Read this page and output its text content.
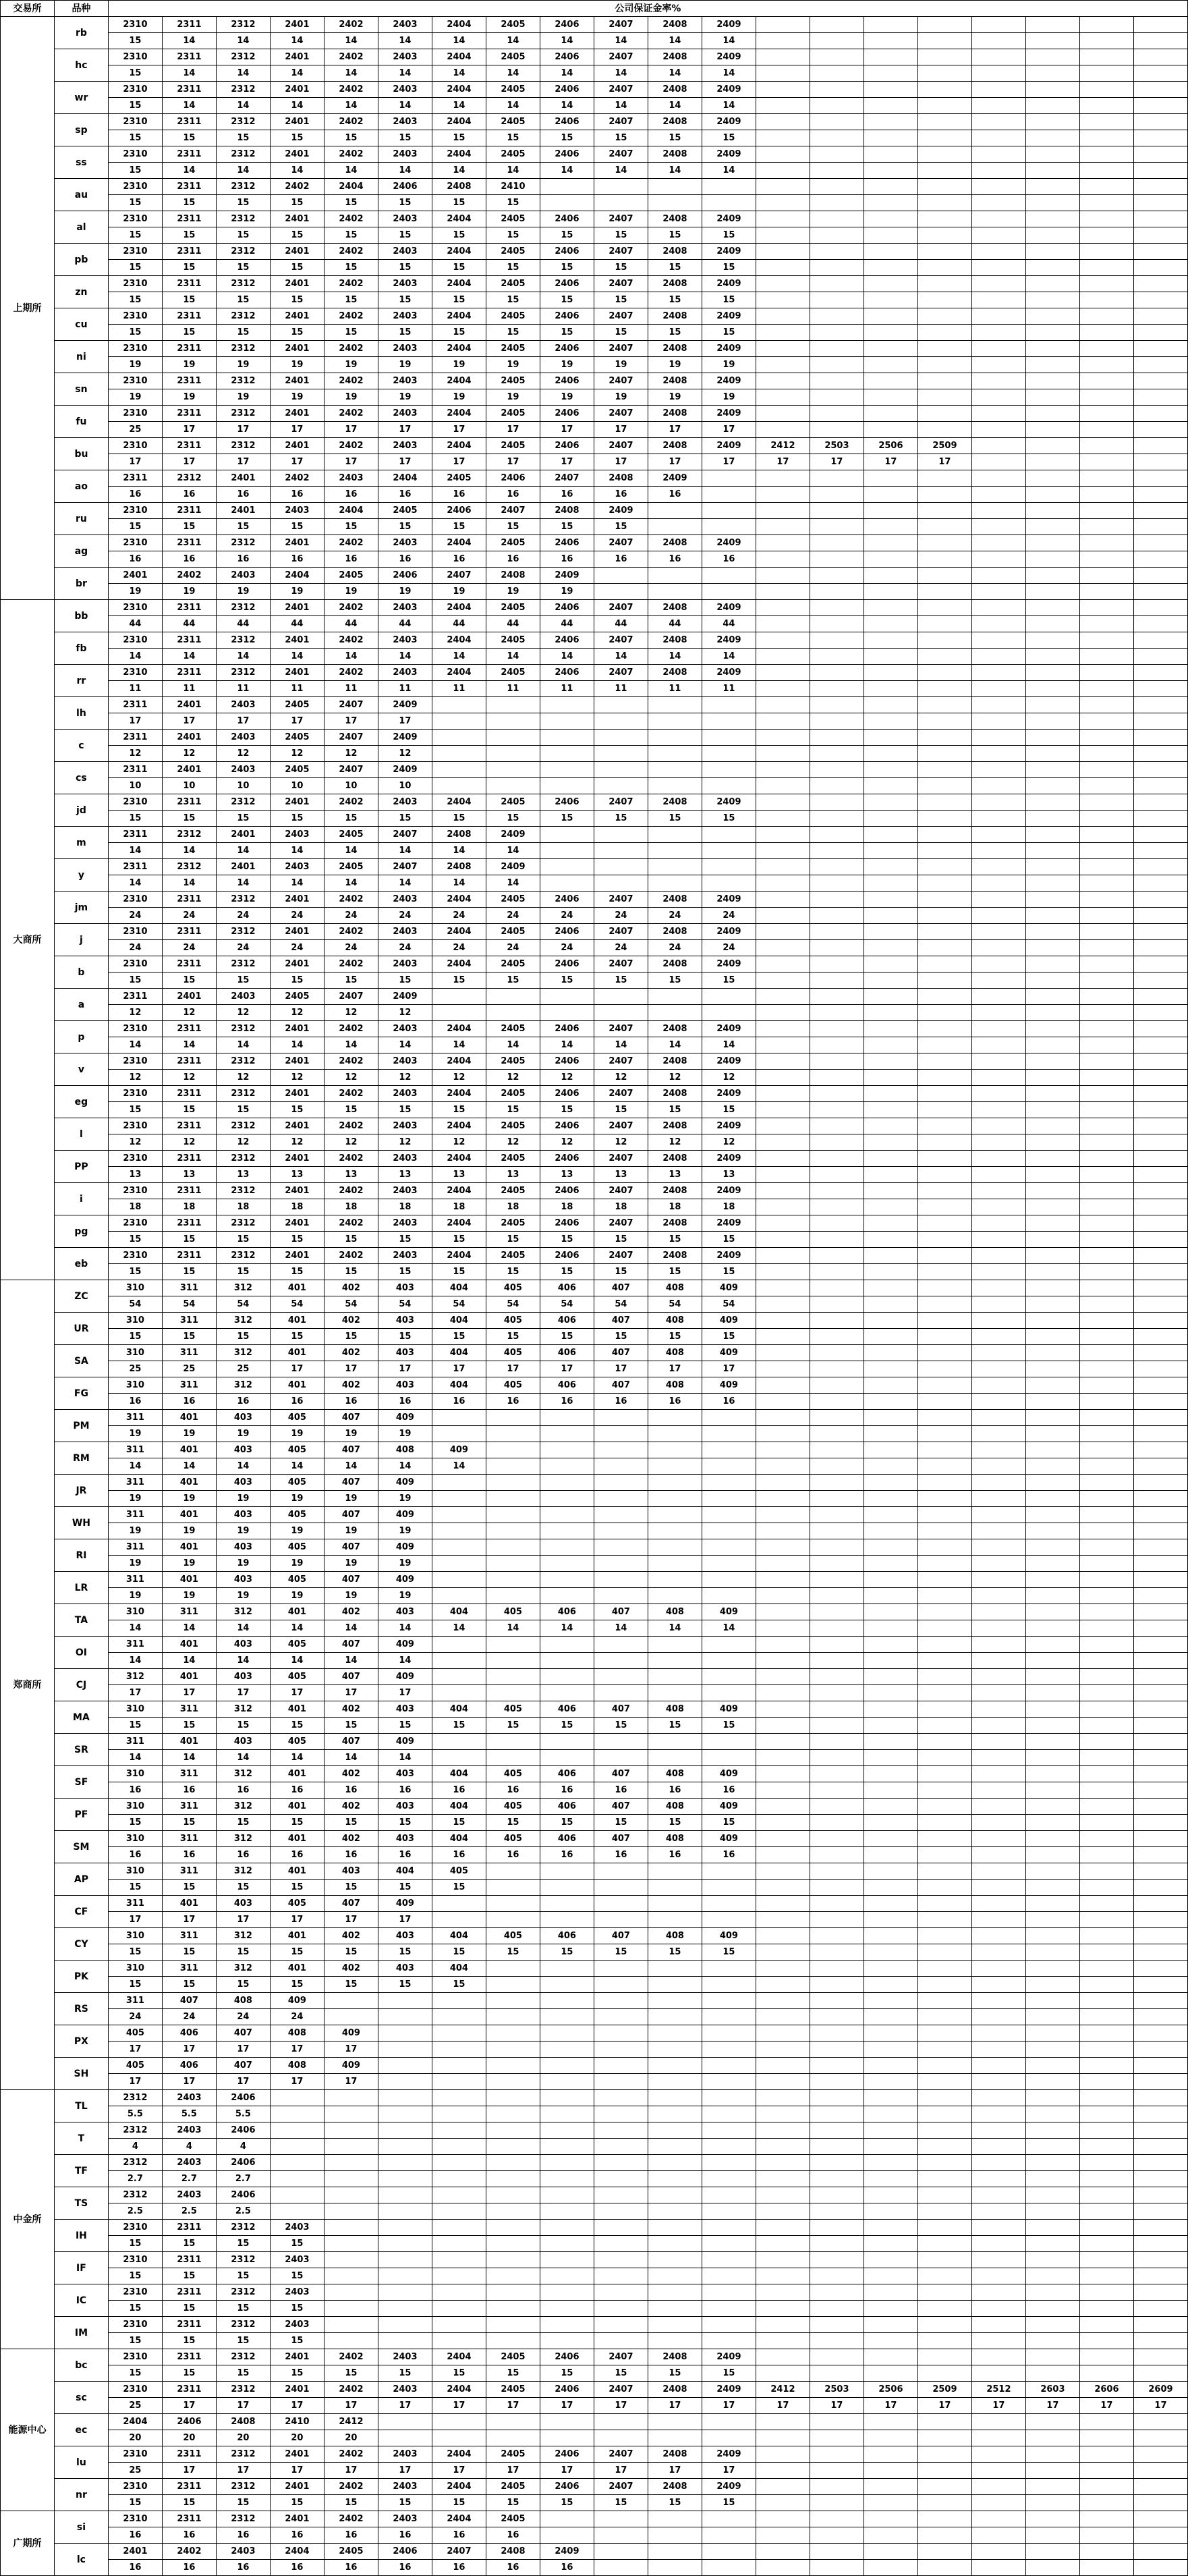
交易所	品种	公司保证金率%																			
上期所	rb	2310	2311	2312	2401	2402	2403	2404	2405	2406	2407	2408	2409								
		15	14	14	14	14	14	14	14	14	14	14	14								
	hc	2310	2311	2312	2401	2402	2403	2404	2405	2406	2407	2408	2409								
		15	14	14	14	14	14	14	14	14	14	14	14								
	wr	2310	2311	2312	2401	2402	2403	2404	2405	2406	2407	2408	2409								
		15	14	14	14	14	14	14	14	14	14	14	14								
	sp	2310	2311	2312	2401	2402	2403	2404	2405	2406	2407	2408	2409								
		15	15	15	15	15	15	15	15	15	15	15	15								
	ss	2310	2311	2312	2401	2402	2403	2404	2405	2406	2407	2408	2409								
		15	14	14	14	14	14	14	14	14	14	14	14								
	au	2310	2311	2312	2402	2404	2406	2408	2410												
		15	15	15	15	15	15	15	15												
	al	2310	2311	2312	2401	2402	2403	2404	2405	2406	2407	2408	2409								
		15	15	15	15	15	15	15	15	15	15	15	15								
	pb	2310	2311	2312	2401	2402	2403	2404	2405	2406	2407	2408	2409								
		15	15	15	15	15	15	15	15	15	15	15	15								
	zn	2310	2311	2312	2401	2402	2403	2404	2405	2406	2407	2408	2409								
		15	15	15	15	15	15	15	15	15	15	15	15								
	cu	2310	2311	2312	2401	2402	2403	2404	2405	2406	2407	2408	2409								
		15	15	15	15	15	15	15	15	15	15	15	15								
	ni	2310	2311	2312	2401	2402	2403	2404	2405	2406	2407	2408	2409								
		19	19	19	19	19	19	19	19	19	19	19	19								
	sn	2310	2311	2312	2401	2402	2403	2404	2405	2406	2407	2408	2409								
		19	19	19	19	19	19	19	19	19	19	19	19								
	fu	2310	2311	2312	2401	2402	2403	2404	2405	2406	2407	2408	2409								
		25	17	17	17	17	17	17	17	17	17	17	17								
	bu	2310	2311	2312	2401	2402	2403	2404	2405	2406	2407	2408	2409	2412	2503	2506	2509				
		17	17	17	17	17	17	17	17	17	17	17	17	17	17	17	17				
	ao	2311	2312	2401	2402	2403	2404	2405	2406	2407	2408	2409									
		16	16	16	16	16	16	16	16	16	16	16									
	ru	2310	2311	2401	2403	2404	2405	2406	2407	2408	2409										
		15	15	15	15	15	15	15	15	15	15										
	ag	2310	2311	2312	2401	2402	2403	2404	2405	2406	2407	2408	2409								
		16	16	16	16	16	16	16	16	16	16	16	16								
	br	2401	2402	2403	2404	2405	2406	2407	2408	2409											
		19	19	19	19	19	19	19	19	19											
大商所	bb	2310	2311	2312	2401	2402	2403	2404	2405	2406	2407	2408	2409								
		44	44	44	44	44	44	44	44	44	44	44	44								
	fb	2310	2311	2312	2401	2402	2403	2404	2405	2406	2407	2408	2409								
		14	14	14	14	14	14	14	14	14	14	14	14								
	rr	2310	2311	2312	2401	2402	2403	2404	2405	2406	2407	2408	2409								
		11	11	11	11	11	11	11	11	11	11	11	11								
	lh	2311	2401	2403	2405	2407	2409														
		17	17	17	17	17	17														
	c	2311	2401	2403	2405	2407	2409														
		12	12	12	12	12	12														
	cs	2311	2401	2403	2405	2407	2409														
		10	10	10	10	10	10														
	jd	2310	2311	2312	2401	2402	2403	2404	2405	2406	2407	2408	2409								
		15	15	15	15	15	15	15	15	15	15	15	15								
	m	2311	2312	2401	2403	2405	2407	2408	2409												
		14	14	14	14	14	14	14	14												
	y	2311	2312	2401	2403	2405	2407	2408	2409												
		14	14	14	14	14	14	14	14												
	jm	2310	2311	2312	2401	2402	2403	2404	2405	2406	2407	2408	2409								
		24	24	24	24	24	24	24	24	24	24	24	24								
	j	2310	2311	2312	2401	2402	2403	2404	2405	2406	2407	2408	2409								
		24	24	24	24	24	24	24	24	24	24	24	24								
	b	2310	2311	2312	2401	2402	2403	2404	2405	2406	2407	2408	2409								
		15	15	15	15	15	15	15	15	15	15	15	15								
	a	2311	2401	2403	2405	2407	2409														
		12	12	12	12	12	12														
	p	2310	2311	2312	2401	2402	2403	2404	2405	2406	2407	2408	2409								
		14	14	14	14	14	14	14	14	14	14	14	14								
	v	2310	2311	2312	2401	2402	2403	2404	2405	2406	2407	2408	2409								
		12	12	12	12	12	12	12	12	12	12	12	12								
	eg	2310	2311	2312	2401	2402	2403	2404	2405	2406	2407	2408	2409								
		15	15	15	15	15	15	15	15	15	15	15	15								
	l	2310	2311	2312	2401	2402	2403	2404	2405	2406	2407	2408	2409								
		12	12	12	12	12	12	12	12	12	12	12	12								
	PP	2310	2311	2312	2401	2402	2403	2404	2405	2406	2407	2408	2409								
		13	13	13	13	13	13	13	13	13	13	13	13								
	i	2310	2311	2312	2401	2402	2403	2404	2405	2406	2407	2408	2409								
		18	18	18	18	18	18	18	18	18	18	18	18								
	pg	2310	2311	2312	2401	2402	2403	2404	2405	2406	2407	2408	2409								
		15	15	15	15	15	15	15	15	15	15	15	15								
	eb	2310	2311	2312	2401	2402	2403	2404	2405	2406	2407	2408	2409								
		15	15	15	15	15	15	15	15	15	15	15	15								
郑商所	ZC	310	311	312	401	402	403	404	405	406	407	408	409								
		54	54	54	54	54	54	54	54	54	54	54	54								
	UR	310	311	312	401	402	403	404	405	406	407	408	409								
		15	15	15	15	15	15	15	15	15	15	15	15								
	SA	310	311	312	401	402	403	404	405	406	407	408	409								
		25	25	25	17	17	17	17	17	17	17	17	17								
	FG	310	311	312	401	402	403	404	405	406	407	408	409								
		16	16	16	16	16	16	16	16	16	16	16	16								
	PM	311	401	403	405	407	409														
		19	19	19	19	19	19														
	RM	311	401	403	405	407	408	409													
		14	14	14	14	14	14	14													
	JR	311	401	403	405	407	409														
		19	19	19	19	19	19														
	WH	311	401	403	405	407	409														
		19	19	19	19	19	19														
	RI	311	401	403	405	407	409														
		19	19	19	19	19	19														
	LR	311	401	403	405	407	409														
		19	19	19	19	19	19														
	TA	310	311	312	401	402	403	404	405	406	407	408	409								
		14	14	14	14	14	14	14	14	14	14	14	14								
	OI	311	401	403	405	407	409														
		14	14	14	14	14	14														
	CJ	312	401	403	405	407	409														
		17	17	17	17	17	17														
	MA	310	311	312	401	402	403	404	405	406	407	408	409								
		15	15	15	15	15	15	15	15	15	15	15	15								
	SR	311	401	403	405	407	409														
		14	14	14	14	14	14														
	SF	310	311	312	401	402	403	404	405	406	407	408	409								
		16	16	16	16	16	16	16	16	16	16	16	16								
	PF	310	311	312	401	402	403	404	405	406	407	408	409								
		15	15	15	15	15	15	15	15	15	15	15	15								
	SM	310	311	312	401	402	403	404	405	406	407	408	409								
		16	16	16	16	16	16	16	16	16	16	16	16								
	AP	310	311	312	401	403	404	405													
		15	15	15	15	15	15	15													
	CF	311	401	403	405	407	409														
		17	17	17	17	17	17														
	CY	310	311	312	401	402	403	404	405	406	407	408	409								
		15	15	15	15	15	15	15	15	15	15	15	15								
	PK	310	311	312	401	402	403	404													
		15	15	15	15	15	15	15													
	RS	311	407	408	409																
		24	24	24	24																
	PX	405	406	407	408	409															
		17	17	17	17	17															
	SH	405	406	407	408	409															
		17	17	17	17	17															
中金所	TL	2312	2403	2406																	
		5.5	5.5	5.5																	
	T	2312	2403	2406																	
		4	4	4																	
	TF	2312	2403	2406																	
		2.7	2.7	2.7																	
	TS	2312	2403	2406																	
		2.5	2.5	2.5																	
	IH	2310	2311	2312	2403																
		15	15	15	15																
	IF	2310	2311	2312	2403																
		15	15	15	15																
	IC	2310	2311	2312	2403																
		15	15	15	15																
	IM	2310	2311	2312	2403																
		15	15	15	15																
能源中心	bc	2310	2311	2312	2401	2402	2403	2404	2405	2406	2407	2408	2409								
		15	15	15	15	15	15	15	15	15	15	15	15								
	sc	2310	2311	2312	2401	2402	2403	2404	2405	2406	2407	2408	2409	2412	2503	2506	2509	2512	2603	2606	2609
		25	17	17	17	17	17	17	17	17	17	17	17	17	17	17	17	17	17	17	17
	ec	2404	2406	2408	2410	2412															
		20	20	20	20	20															
	lu	2310	2311	2312	2401	2402	2403	2404	2405	2406	2407	2408	2409								
		25	17	17	17	17	17	17	17	17	17	17	17								
	nr	2310	2311	2312	2401	2402	2403	2404	2405	2406	2407	2408	2409								
		15	15	15	15	15	15	15	15	15	15	15	15								
广期所	si	2310	2311	2312	2401	2402	2403	2404	2405												
		16	16	16	16	16	16	16	16												
	lc	2401	2402	2403	2404	2405	2406	2407	2408	2409											
		16	16	16	16	16	16	16	16	16											
